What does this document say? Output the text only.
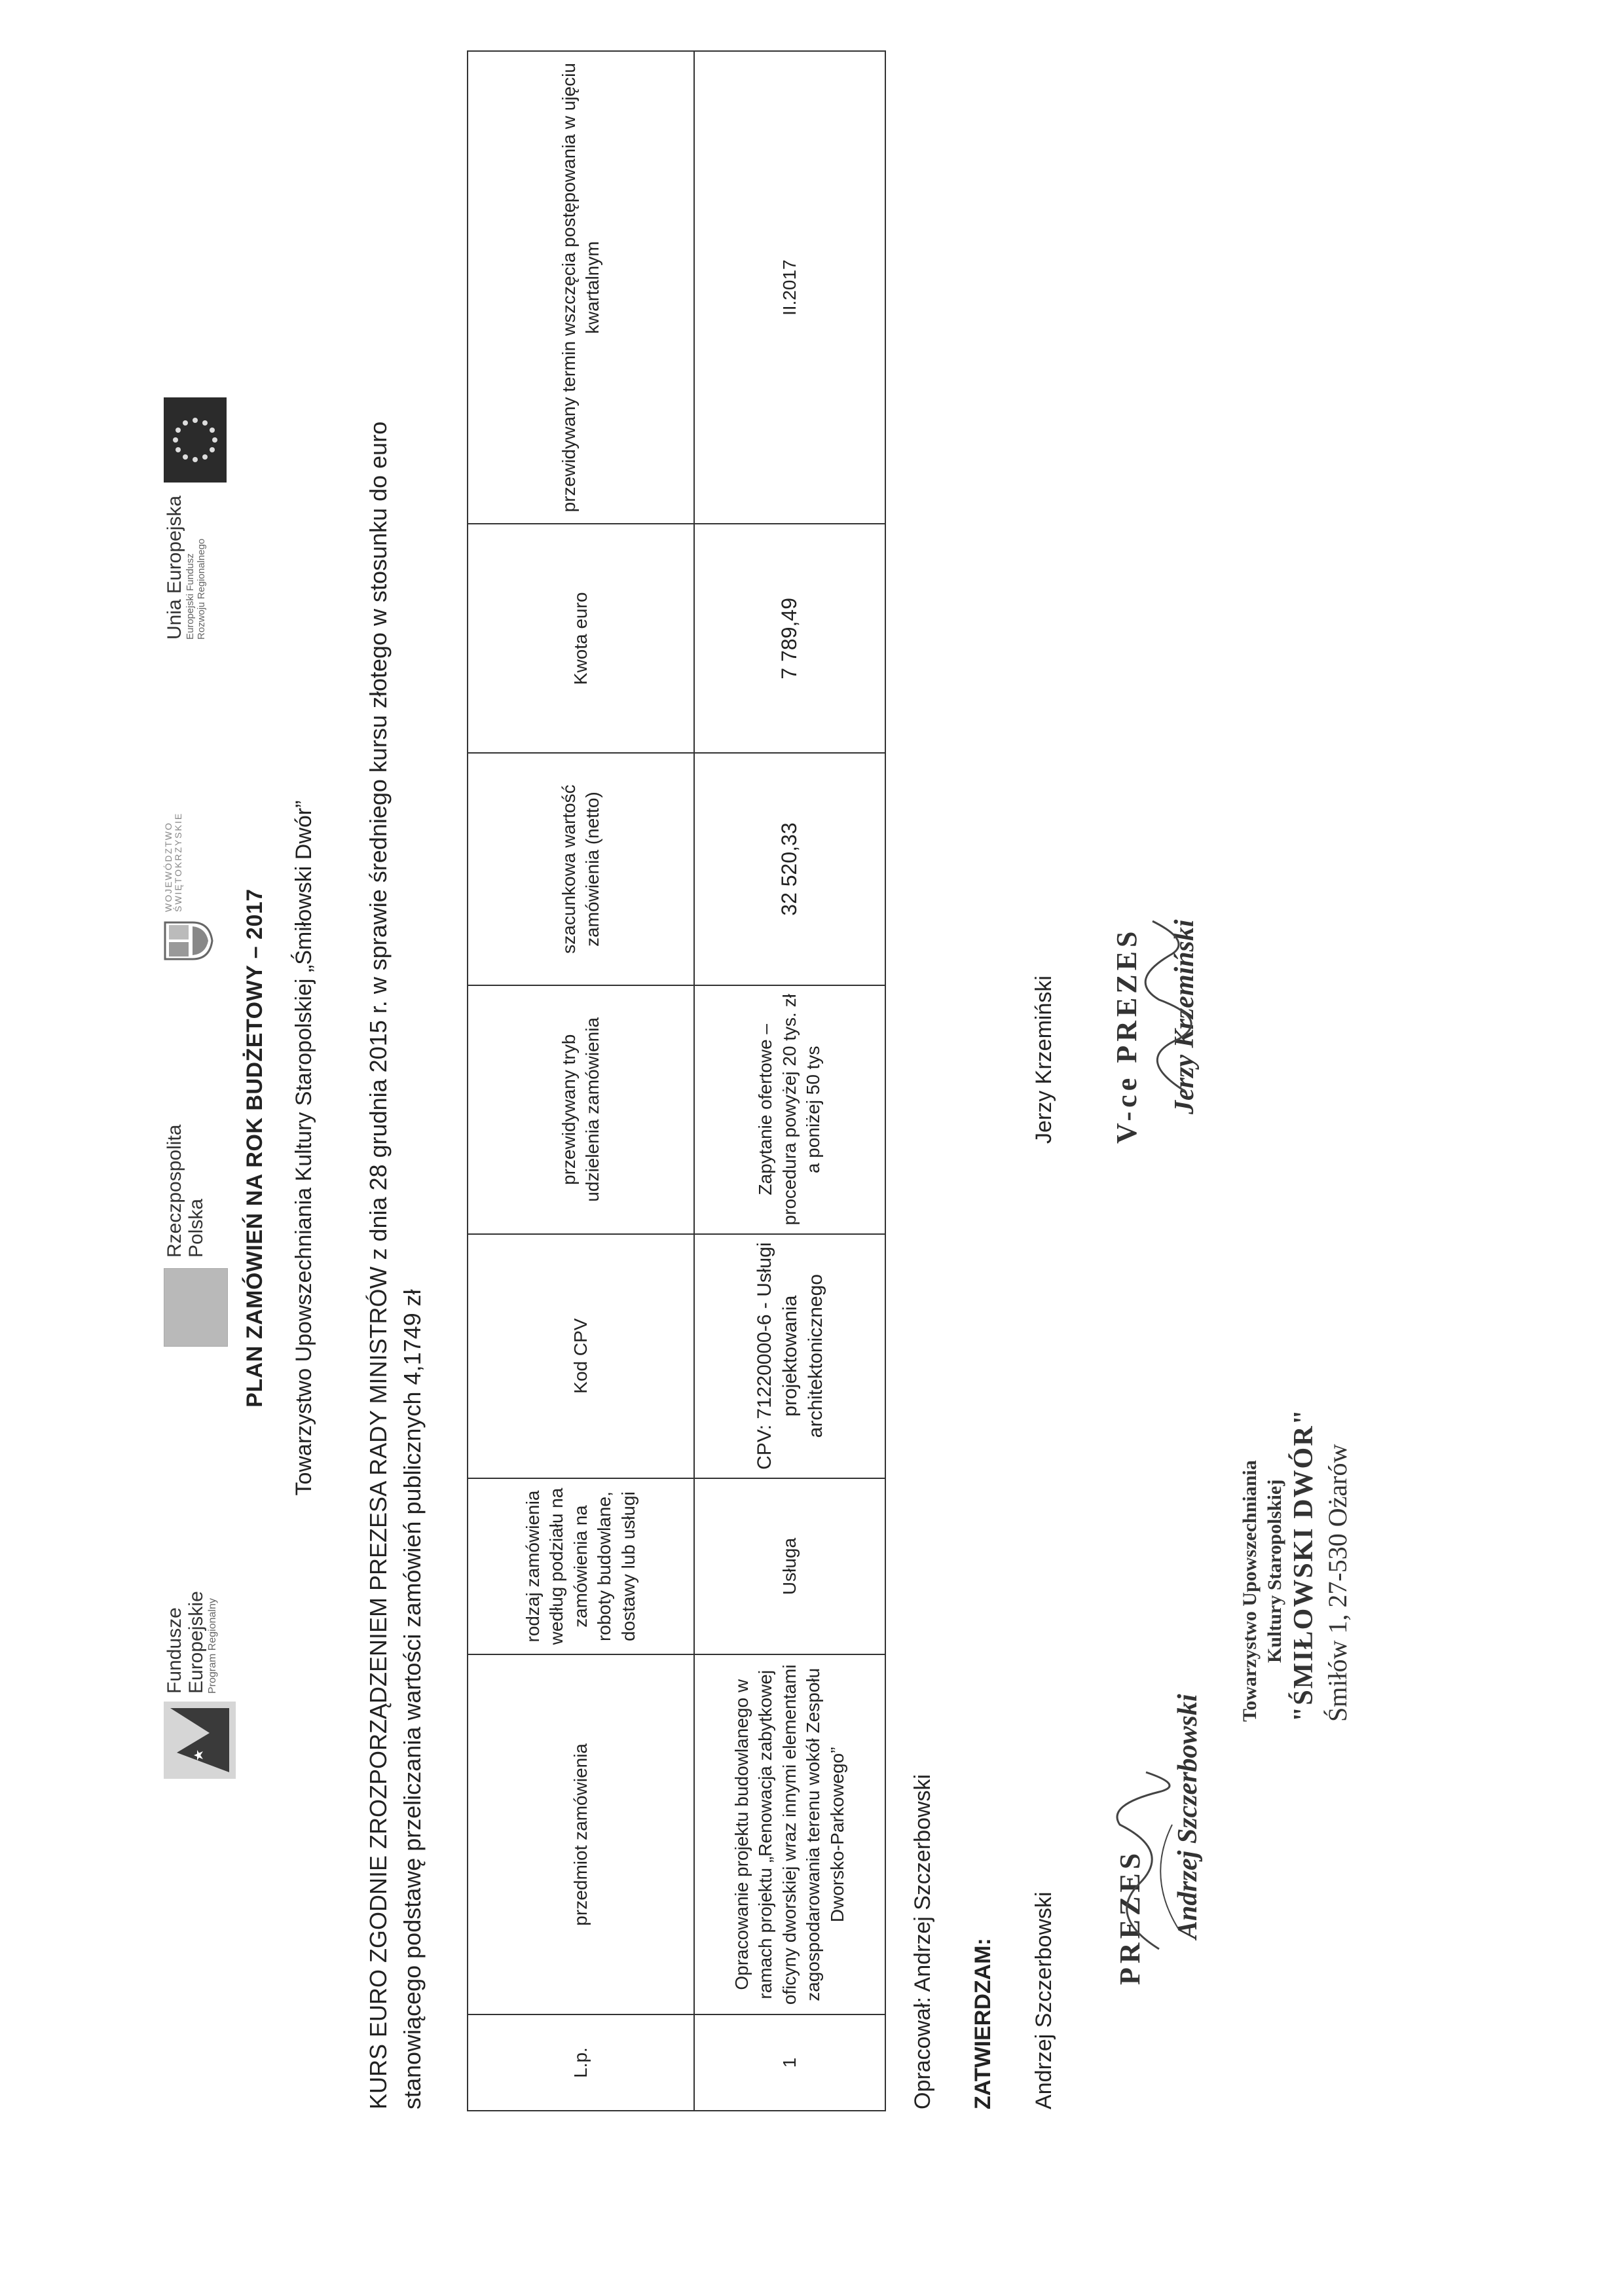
Fundusze Europejskie Program Regionalny
Rzeczpospolita Polska
WOJEWÓDZTWO ŚWIĘTOKRZYSKIE
Unia Europejska Europejski Fundusz Rozwoju Regionalnego
PLAN ZAMÓWIEŃ NA ROK BUDŻETOWY – 2017 Towarzystwo Upowszechniania Kultury Staropolskiej „Śmiłowski Dwór” KURS EURO ZGODNIE ZROZPORZĄDZENIEM PREZESA RADY MINISTRÓW z dnia 28 grudnia 2015 r. w sprawie średniego kursu złotego w stosunku do euro stanowiącego podstawę przeliczania wartości zamówień publicznych 4,1749 zł	L.p.	przedmiot zamówienia	rodzaj zamówienia według podziału na zamówienia na roboty budowlane, dostawy lub usługi	Kod CPV	przewidywany tryb udzielenia zamówienia	szacunkowa wartość zamówienia (netto)	Kwota euro	przewidywany termin wszczęcia postępowania w ujęciu kwartalnym
1	Opracowanie projektu budowlanego w ramach projektu „Renowacja zabytkowej oficyny dworskiej wraz innymi elementami zagospodarowania terenu wokół Zespołu Dworsko-Parkowego”	Usługa	CPV: 71220000-6 - Usługi projektowania architektonicznego	Zapytanie ofertowe – procedura powyżej 20 tys. zł a poniżej 50 tys	32 520,33	7 789,49	II.2017
Opracował: Andrzej Szczerbowski ZATWIERDZAM: Andrzej Szczerbowski
Jerzy Krzemiński
PREZES Andrzej Szczerbowski
V-ce PREZES Jerzy Krzemiński
Towarzystwo Upowszechniania Kultury Staropolskiej "ŚMIŁOWSKI DWÓR" Śmiłów 1, 27-530 Ożarów
